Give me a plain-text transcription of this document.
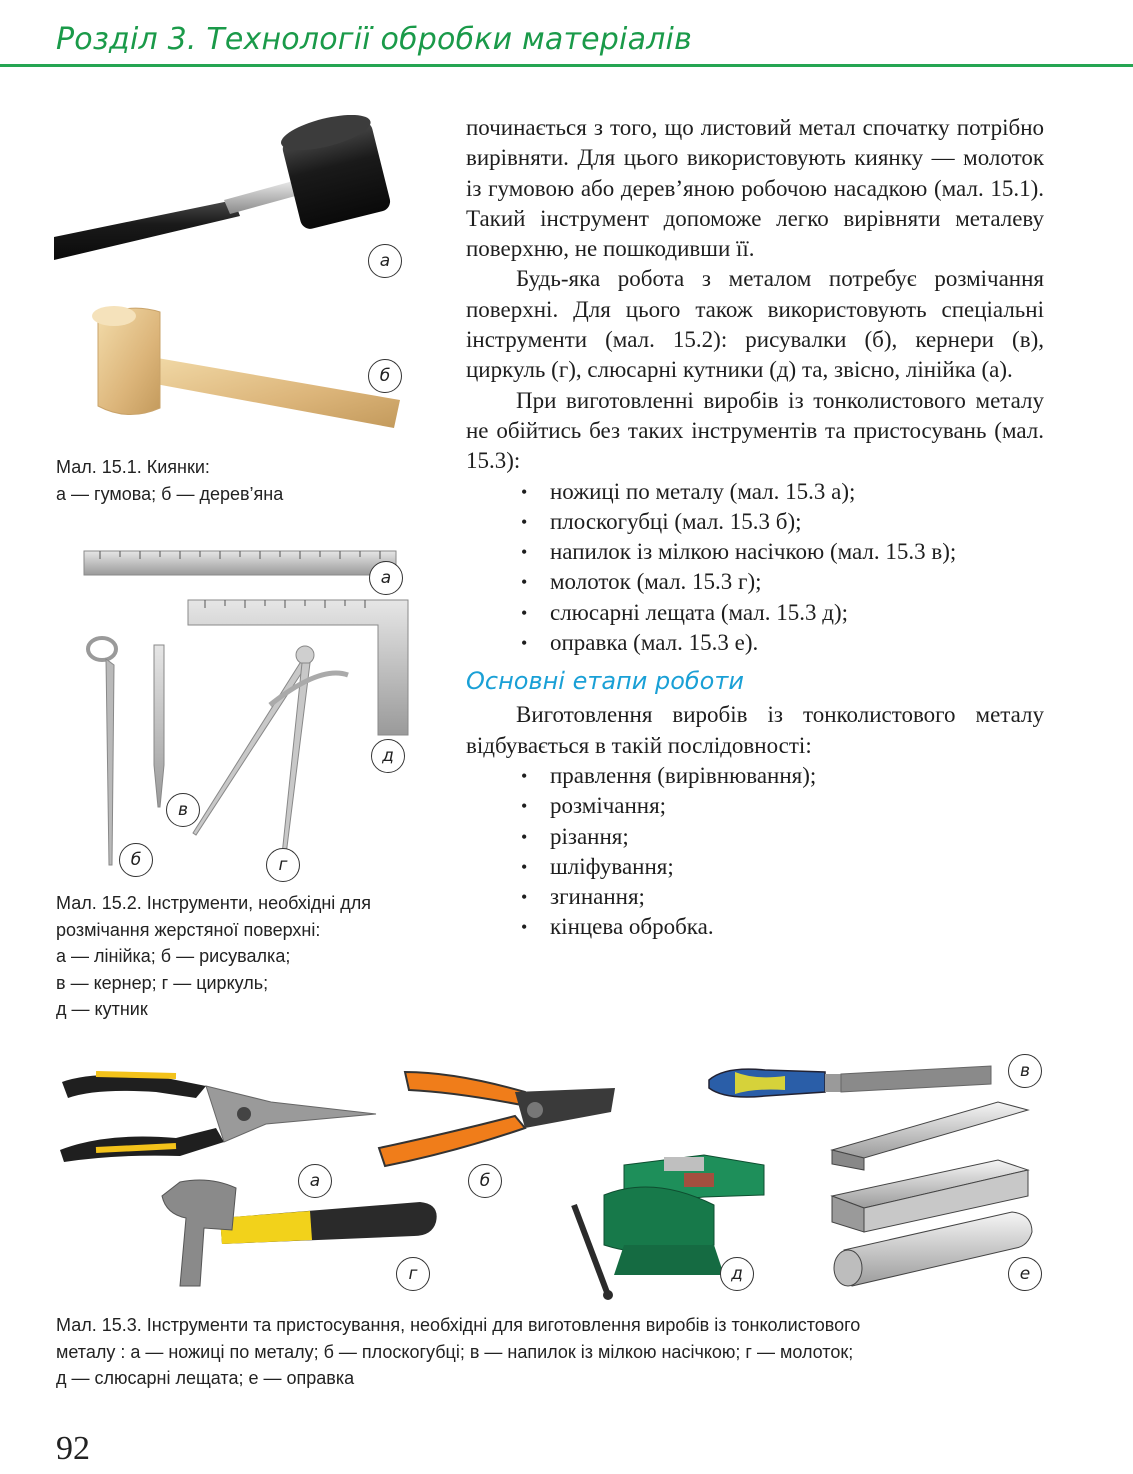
Розділ 3. Технології обробки матеріалів
а
б
Мал. 15.1. Киянки:
а — гумова; б — дерев’яна
а
д
в
б	г
Мал. 15.2. Інструменти, необхідні для
розмічання жерстяної поверхні:
а — лінійка; б — рисувалка;
в — кернер; г — циркуль;
д — кутник

починається з того, що листовий метал спочатку потрібно вирівняти. Для цього використовують киянку — молоток із гумовою або дерев’яною робочою насадкою (мал. 15.1). Такий інструмент допоможе легко вирівняти металеву поверхню, не пошкодивши її.

Будь-яка робота з металом потребує розмічання поверхні. Для цього також використовують спеціальні інструменти (мал. 15.2): рисувалки (б), кернери (в), циркуль (г), слюсарні кутники (д) та, звісно, лінійка (а).

При виготовленні виробів із тонколистового металу не обійтись без таких інструментів та пристосувань (мал. 15.3):

• ножиці по металу (мал. 15.3 а);
• плоскогубці (мал. 15.3 б);
• напилок із мілкою насічкою (мал. 15.3 в);
• молоток (мал. 15.3 г);
• слюсарні лещата (мал. 15.3 д);
• оправка (мал. 15.3 е).
Основні етапи роботи

Виготовлення виробів із тонколистового металу відбувається в такій послідовності:

• правлення (вирівнювання);
• розмічання;
• різання;
• шліфування;
• згинання;
• кінцева обробка.
а	б
в
г	д	е
Мал. 15.3. Інструменти та пристосування, необхідні для виготовлення виробів із тонколистового
металу : а — ножиці по металу; б — плоскогубці; в — напилок із мілкою насічкою; г — молоток;
д — слюсарні лещата; е — оправка
92
